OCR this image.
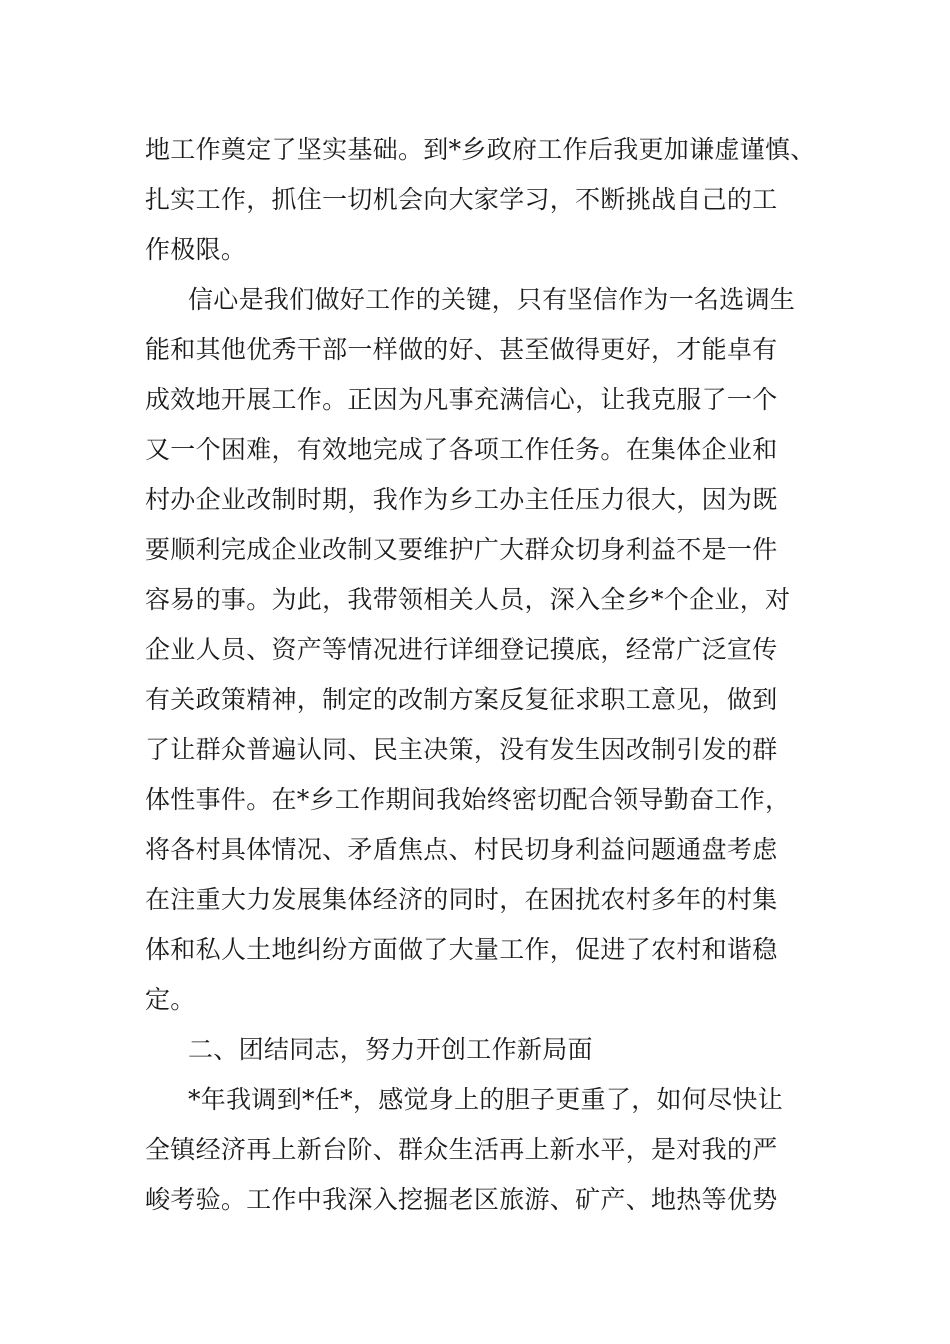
地工作奠定了坚实基础。到*乡政府工作后我更加谦虚谨慎、
扎实工作，抓住一切机会向大家学习，不断挑战自己的工
作极限。
信心是我们做好工作的关键，只有坚信作为一名选调生
能和其他优秀干部一样做的好、甚至做得更好，才能卓有
成效地开展工作。正因为凡事充满信心，让我克服了一个
又一个困难，有效地完成了各项工作任务。在集体企业和
村办企业改制时期，我作为乡工办主任压力很大，因为既
要顺利完成企业改制又要维护广大群众切身利益不是一件
容易的事。为此，我带领相关人员，深入全乡*个企业，对
企业人员、资产等情况进行详细登记摸底，经常广泛宣传
有关政策精神，制定的改制方案反复征求职工意见，做到
了让群众普遍认同、民主决策，没有发生因改制引发的群
体性事件。在*乡工作期间我始终密切配合领导勤奋工作，
将各村具体情况、矛盾焦点、村民切身利益问题通盘考虑
在注重大力发展集体经济的同时，在困扰农村多年的村集
体和私人土地纠纷方面做了大量工作，促进了农村和谐稳
定。
二、团结同志，努力开创工作新局面
*年我调到*任*，感觉身上的胆子更重了，如何尽快让
全镇经济再上新台阶、群众生活再上新水平，是对我的严
峻考验。工作中我深入挖掘老区旅游、矿产、地热等优势
